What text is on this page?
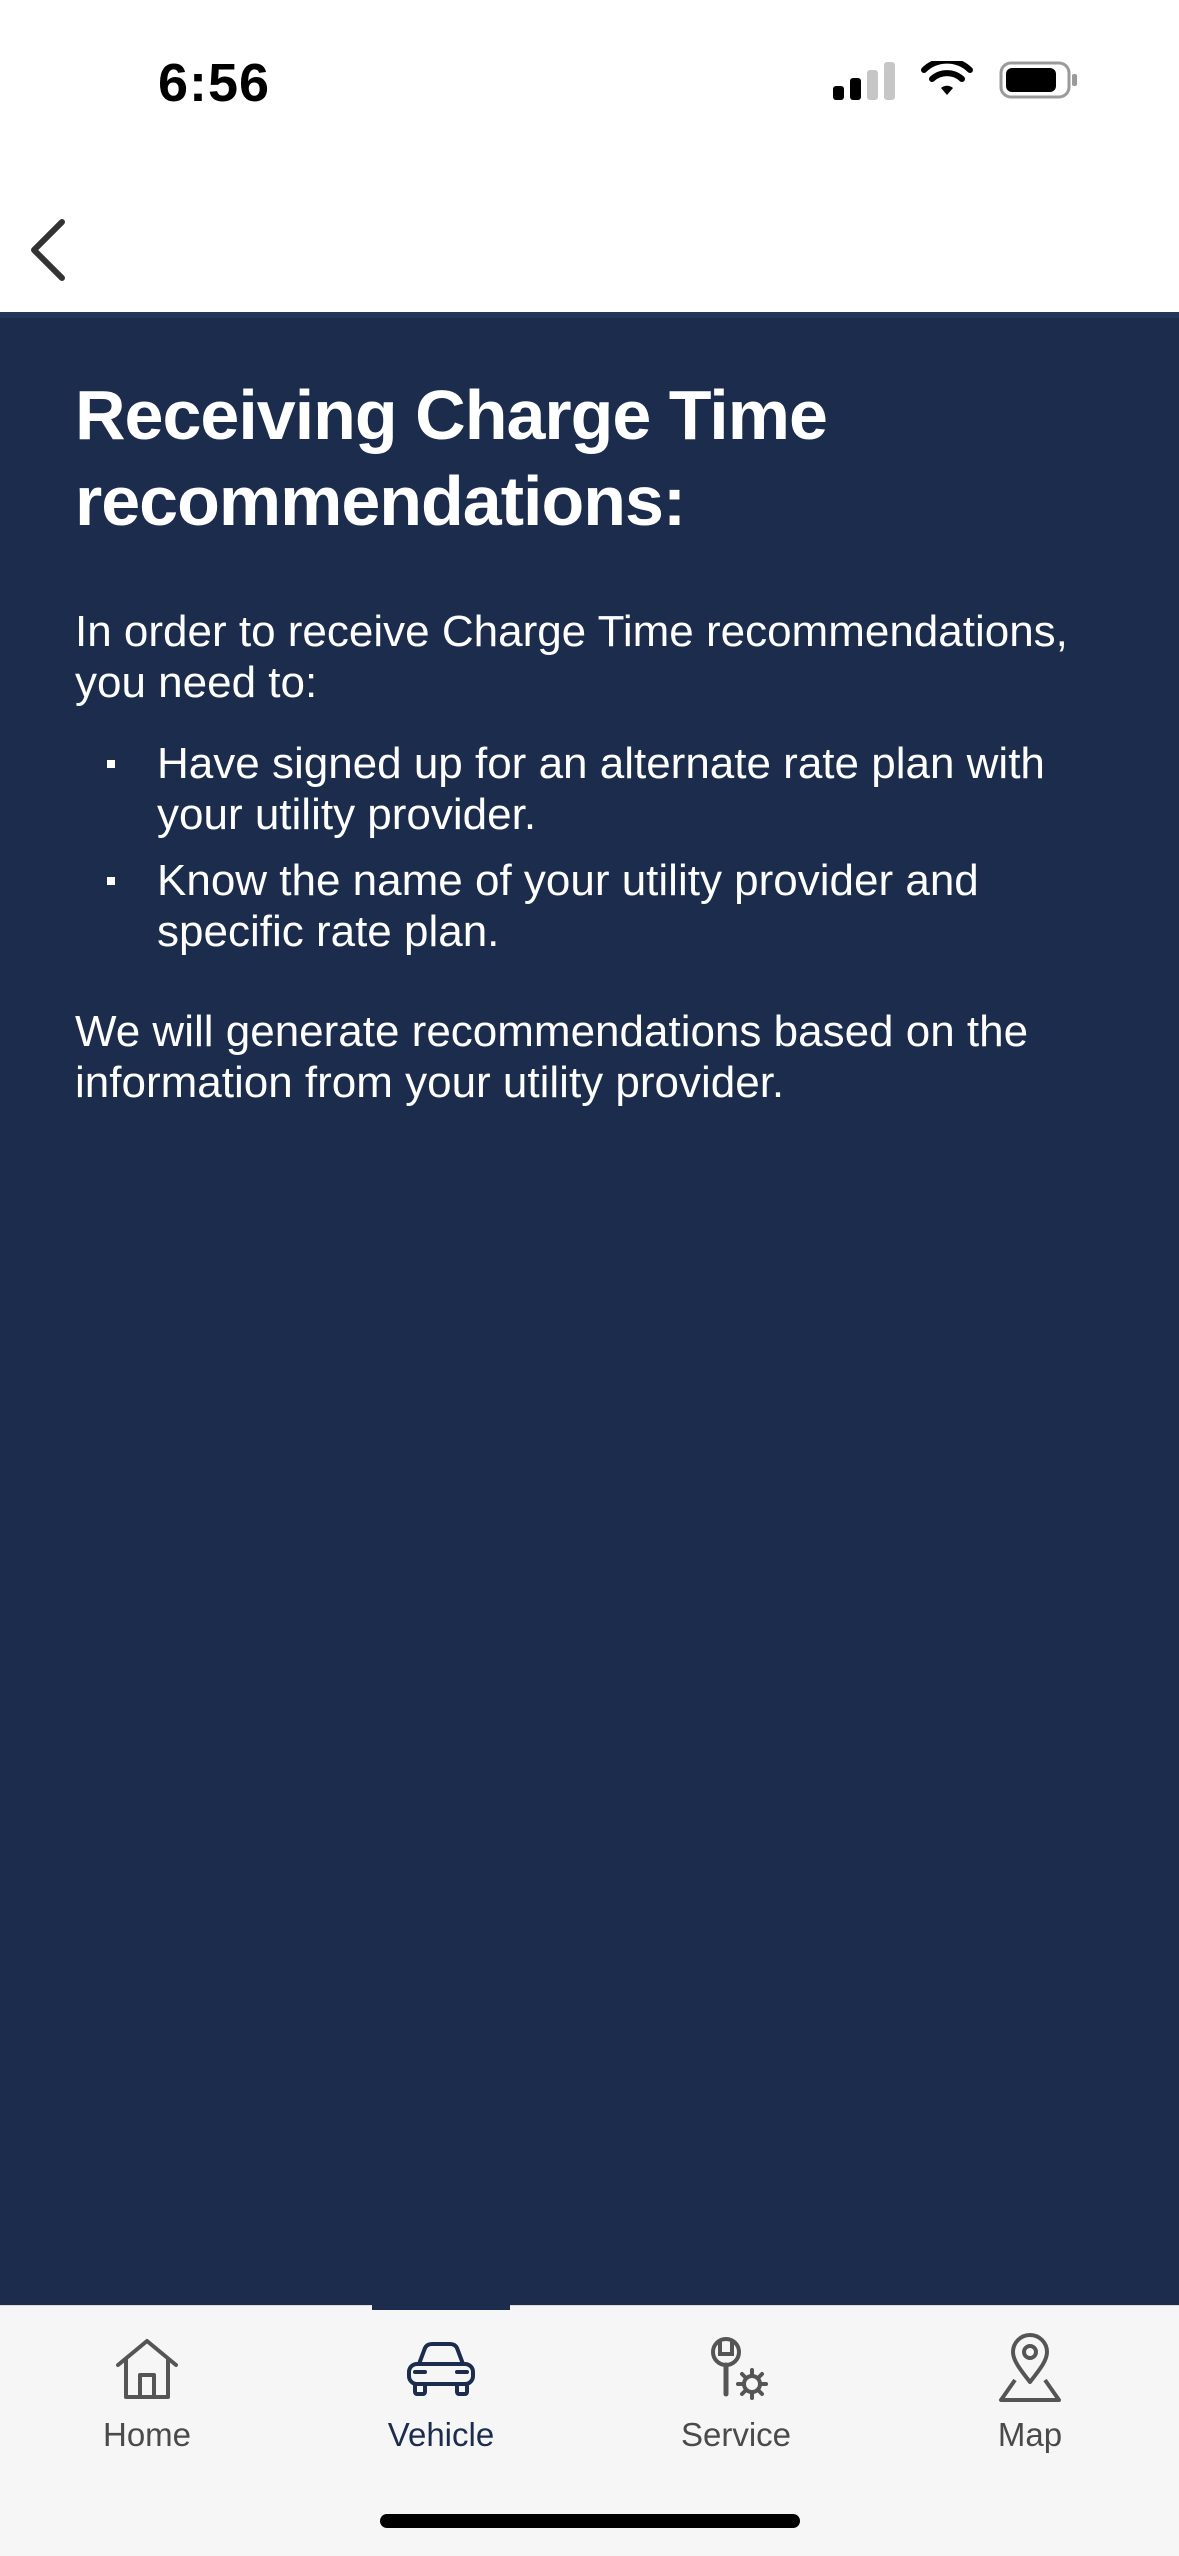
6:56
Receiving Charge Time recommendations:

In order to receive Charge Time recommendations, you need to:

Have signed up for an alternate rate plan with your utility provider.
Know the name of your utility provider and specific rate plan.

We will generate recommendations based on the information from your utility provider.

Home	Vehicle	Service	Map
